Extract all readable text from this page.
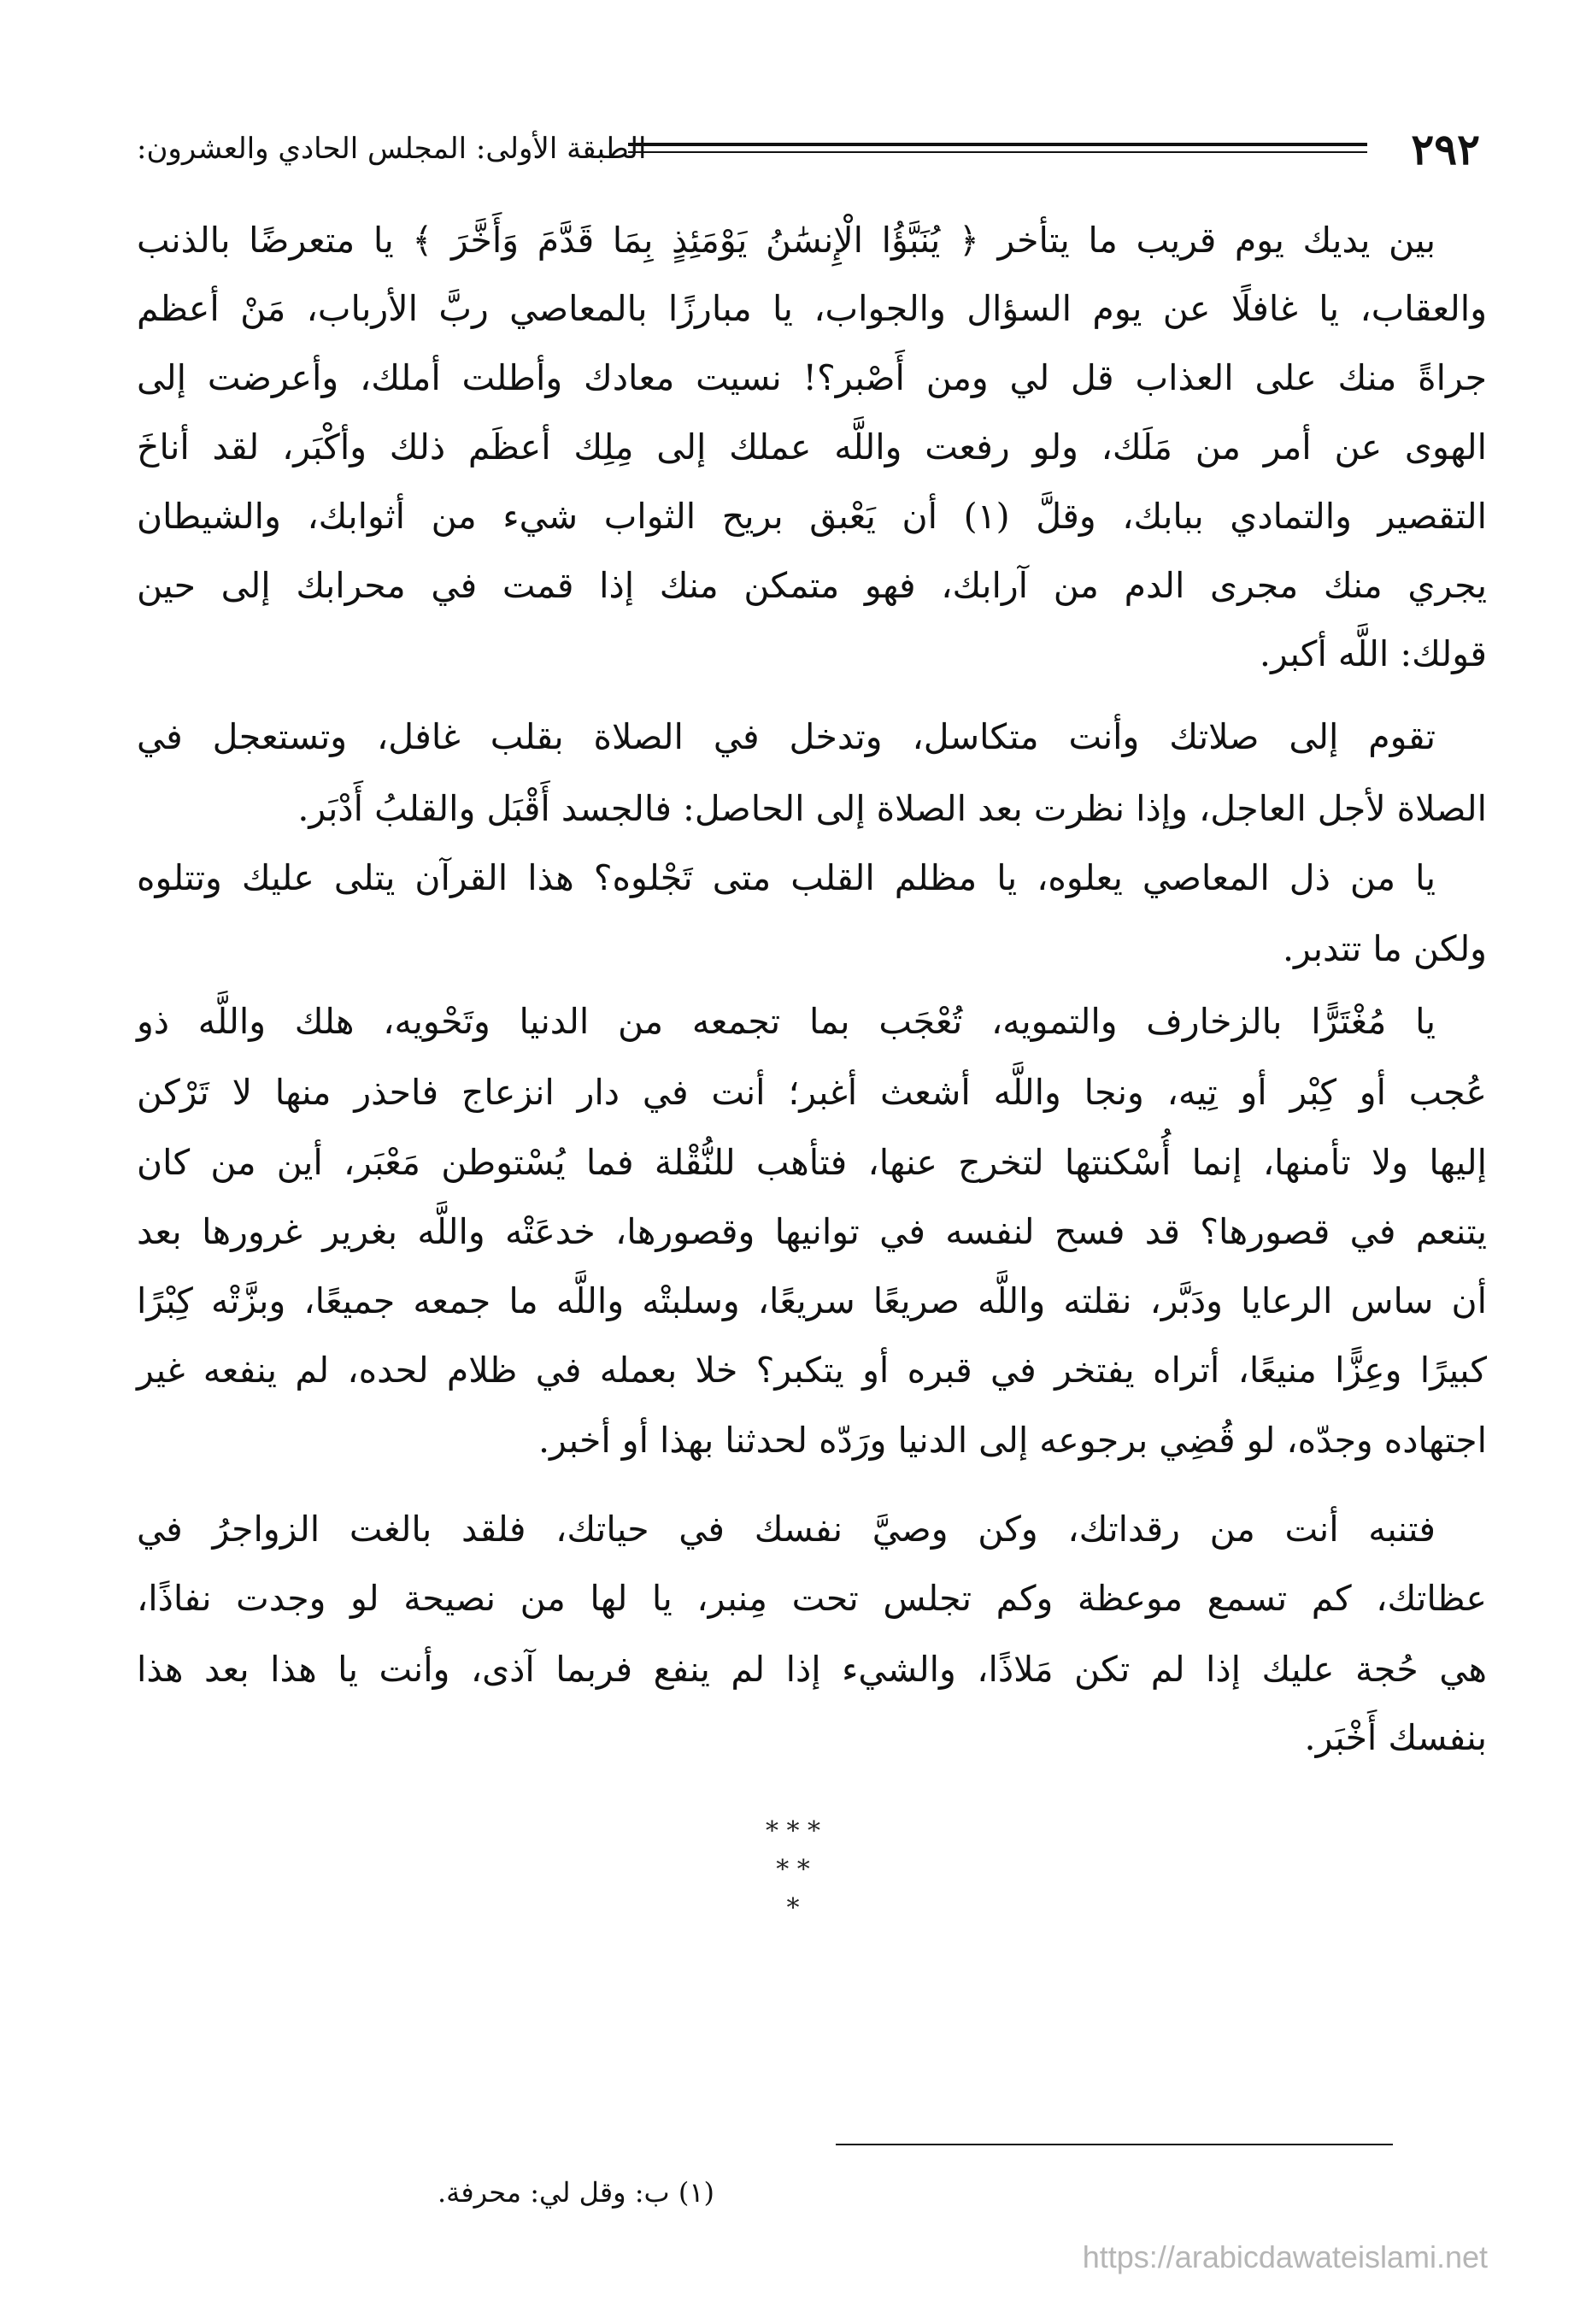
٢٩٢
الطبقة الأولى: المجلس الحادي والعشرون:
بين يديك يوم قريب ما يتأخر ﴿ يُنَبَّؤُا الْإِنسَٰنُ يَوْمَئِذٍ بِمَا قَدَّمَ وَأَخَّرَ ﴾ يا متعرضًا بالذنب
والعقاب، يا غافلًا عن يوم السؤال والجواب، يا مبارزًا بالمعاصي ربَّ الأرباب، مَنْ أعظم
جراةً منك على العذاب قل لي ومن أَصْبر؟! نسيت معادك وأطلت أملك، وأعرضت إلى
الهوى عن أمر من مَلَك، ولو رفعت واللَّه عملك إلى مِلِك أعظَم ذلك وأكْبَر، لقد أناخَ
التقصير والتمادي ببابك، وقلَّ (١) أن يَعْبق بريح الثواب شيء من أثوابك، والشيطان
يجري منك مجرى الدم من آرابك، فهو متمكن منك إذا قمت في محرابك إلى حين
قولك: اللَّه أكبر.
تقوم إلى صلاتك وأنت متكاسل، وتدخل في الصلاة بقلب غافل، وتستعجل في
الصلاة لأجل العاجل، وإذا نظرت بعد الصلاة إلى الحاصل: فالجسد أَقْبَل والقلبُ أَدْبَر.
يا من ذل المعاصي يعلوه، يا مظلم القلب متى تَجْلوه؟ هذا القرآن يتلى عليك وتتلوه
ولكن ما تتدبر.
يا مُغْتَرًّا بالزخارف والتمويه، تُعْجَب بما تجمعه من الدنيا وتَحْويه، هلك واللَّه ذو
عُجب أو كِبْر أو تِيه، ونجا واللَّه أشعث أغبر؛ أنت في دار انزعاج فاحذر منها لا تَرْكن
إليها ولا تأمنها، إنما أُسْكنتها لتخرج عنها، فتأهب للنُّقْلة فما يُسْتوطن مَعْبَر، أين من كان
يتنعم في قصورها؟ قد فسح لنفسه في توانيها وقصورها، خدعَتْه واللَّه بغرير غرورها بعد
أن ساس الرعايا ودَبَّر، نقلته واللَّه صريعًا سريعًا، وسلبتْه واللَّه ما جمعه جميعًا، وبزَّتْه كِبْرًا
كبيرًا وعِزًّا منيعًا، أتراه يفتخر في قبره أو يتكبر؟ خلا بعمله في ظلام لحده، لم ينفعه غير
اجتهاده وجدّه، لو قُضِي برجوعه إلى الدنيا ورَدّه لحدثنا بهذا أو أخبر.
فتنبه أنت من رقداتك، وكن وصيَّ نفسك في حياتك، فلقد بالغت الزواجرُ في
عظاتك، كم تسمع موعظة وكم تجلس تحت مِنبر، يا لها من نصيحة لو وجدت نفاذًا،
هي حُجة عليك إذا لم تكن مَلاذًا، والشيء إذا لم ينفع فربما آذى، وأنت يا هذا بعد هذا
بنفسك أَخْبَر.
* * *
* *
*
(١) ب: وقل لي: محرفة.
https://arabicdawateislami.net
